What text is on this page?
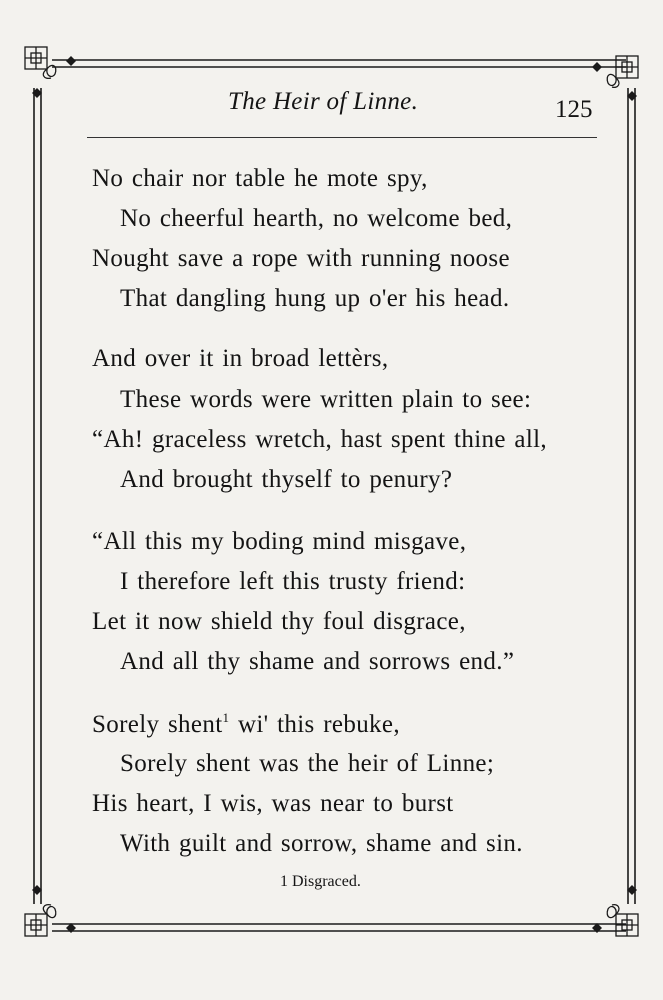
The Heir of Linne.	125
No chair nor table he mote spy,
No cheerful hearth, no welcome bed,
Nought save a rope with running noose
That dangling hung up o'er his head.
And over it in broad lettèrs,
These words were written plain to see:
“Ah! graceless wretch, hast spent thine all,
And brought thyself to penury?
“All this my boding mind misgave,
I therefore left this trusty friend:
Let it now shield thy foul disgrace,
And all thy shame and sorrows end.”
Sorely shent$^1$ wi' this rebuke,
Sorely shent was the heir of Linne;
His heart, I wis, was near to burst
With guilt and sorrow, shame and sin.
1 Disgraced.
